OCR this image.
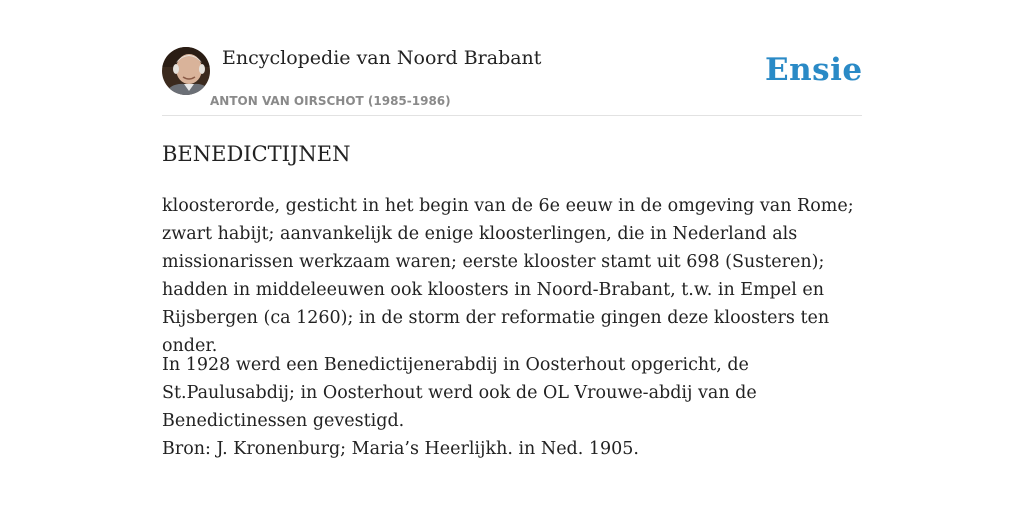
Encyclopedie van Noord Brabant
ANTON VAN OIRSCHOT (1985-1986)
Ensie
BENEDICTIJNEN

kloosterorde, gesticht in het begin van de 6e eeuw in de omgeving van Rome; zwart habijt; aanvankelijk de enige kloosterlingen, die in Nederland als missionarissen werkzaam waren; eerste klooster stamt uit 698 (Susteren); hadden in middeleeuwen ook kloosters in Noord-Brabant, t.w. in Empel en Rijsbergen (ca 1260); in de storm der reformatie gingen deze kloosters ten onder.

In 1928 werd een Benedictijenerabdij in Oosterhout opgericht, de St.Paulusabdij; in Oosterhout werd ook de OL Vrouwe-abdij van de Benedictinessen gevestigd.

Bron: J. Kronenburg; Maria’s Heerlijkh. in Ned. 1905.
